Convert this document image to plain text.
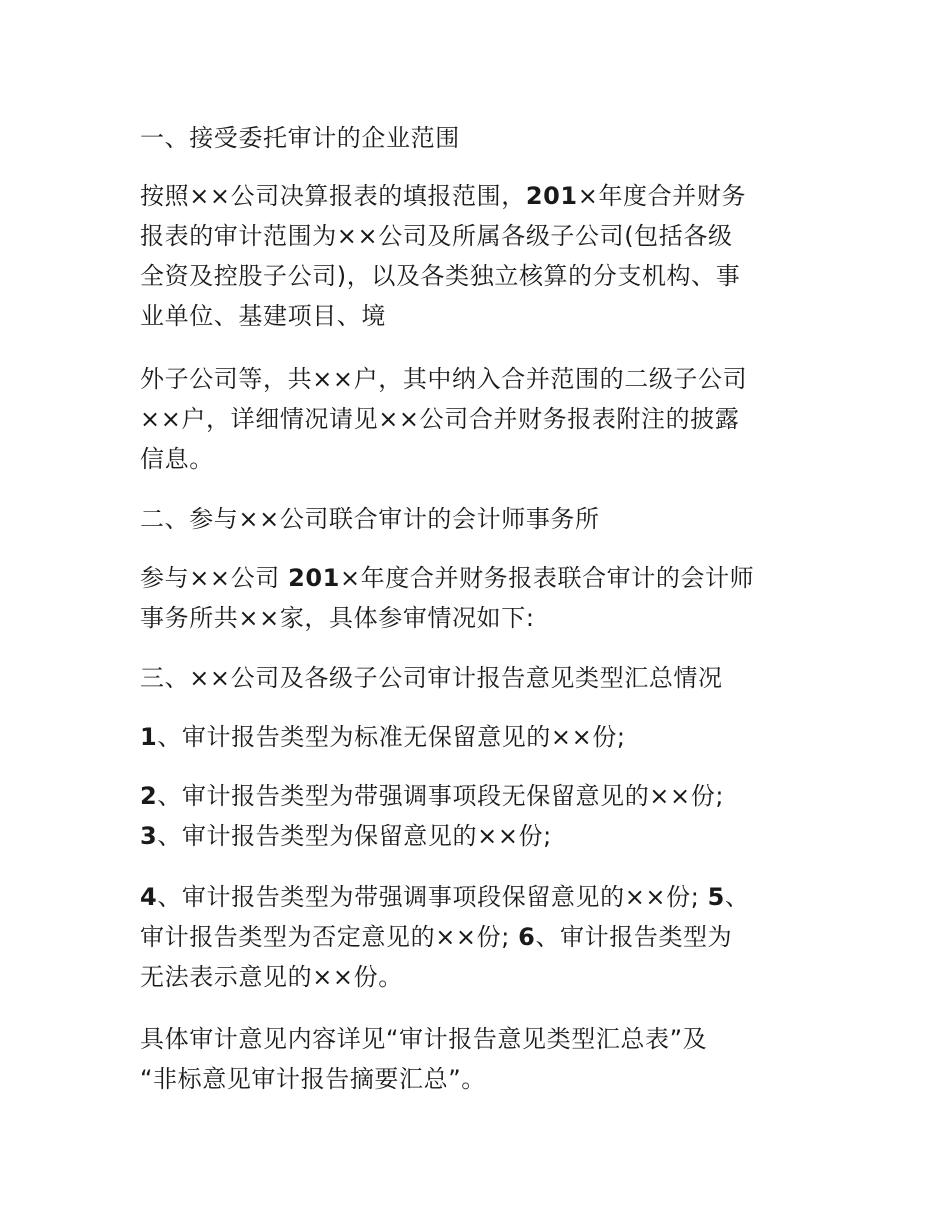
一、接受委托审计的企业范围
按照××公司决算报表的填报范围，201×年度合并财务
报表的审计范围为××公司及所属各级子公司(包括各级
全资及控股子公司)，以及各类独立核算的分支机构、事
业单位、基建项目、境
外子公司等，共××户，其中纳入合并范围的二级子公司
××户，详细情况请见××公司合并财务报表附注的披露
信息。
二、参与××公司联合审计的会计师事务所
参与××公司 201×年度合并财务报表联合审计的会计师
事务所共××家，具体参审情况如下:
三、××公司及各级子公司审计报告意见类型汇总情况
1、审计报告类型为标准无保留意见的××份;
2、审计报告类型为带强调事项段无保留意见的××份;
3、审计报告类型为保留意见的××份;
4、审计报告类型为带强调事项段保留意见的××份; 5、
审计报告类型为否定意见的××份; 6、审计报告类型为
无法表示意见的××份。
具体审计意见内容详见“审计报告意见类型汇总表”及
“非标意见审计报告摘要汇总”。
